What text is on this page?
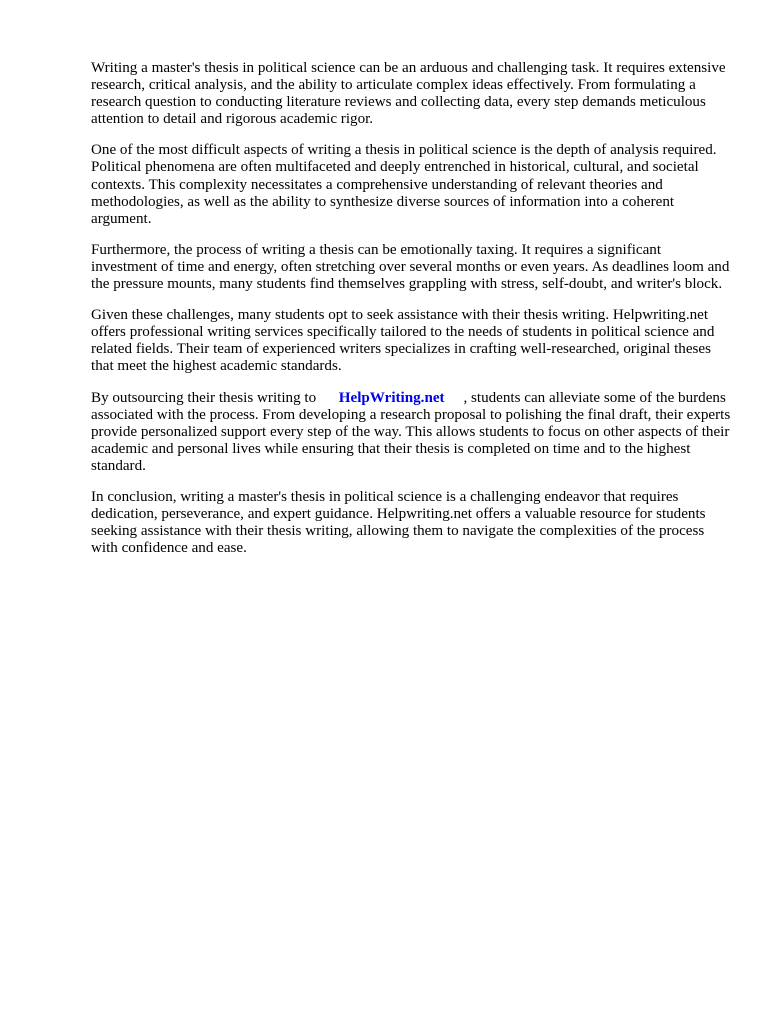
Writing a master's thesis in political science can be an arduous and challenging task. It requires extensive research, critical analysis, and the ability to articulate complex ideas effectively. From formulating a research question to conducting literature reviews and collecting data, every step demands meticulous attention to detail and rigorous academic rigor.

One of the most difficult aspects of writing a thesis in political science is the depth of analysis required. Political phenomena are often multifaceted and deeply entrenched in historical, cultural, and societal contexts. This complexity necessitates a comprehensive understanding of relevant theories and methodologies, as well as the ability to synthesize diverse sources of information into a coherent argument.

Furthermore, the process of writing a thesis can be emotionally taxing. It requires a significant investment of time and energy, often stretching over several months or even years. As deadlines loom and the pressure mounts, many students find themselves grappling with stress, self-doubt, and writer's block.

Given these challenges, many students opt to seek assistance with their thesis writing. Helpwriting.net offers professional writing services specifically tailored to the needs of students in political science and related fields. Their team of experienced writers specializes in crafting well-researched, original theses that meet the highest academic standards.

By outsourcing their thesis writing to HelpWriting.net , students can alleviate some of the burdens associated with the process. From developing a research proposal to polishing the final draft, their experts provide personalized support every step of the way. This allows students to focus on other aspects of their academic and personal lives while ensuring that their thesis is completed on time and to the highest standard.

In conclusion, writing a master's thesis in political science is a challenging endeavor that requires dedication, perseverance, and expert guidance. Helpwriting.net offers a valuable resource for students seeking assistance with their thesis writing, allowing them to navigate the complexities of the process with confidence and ease.
